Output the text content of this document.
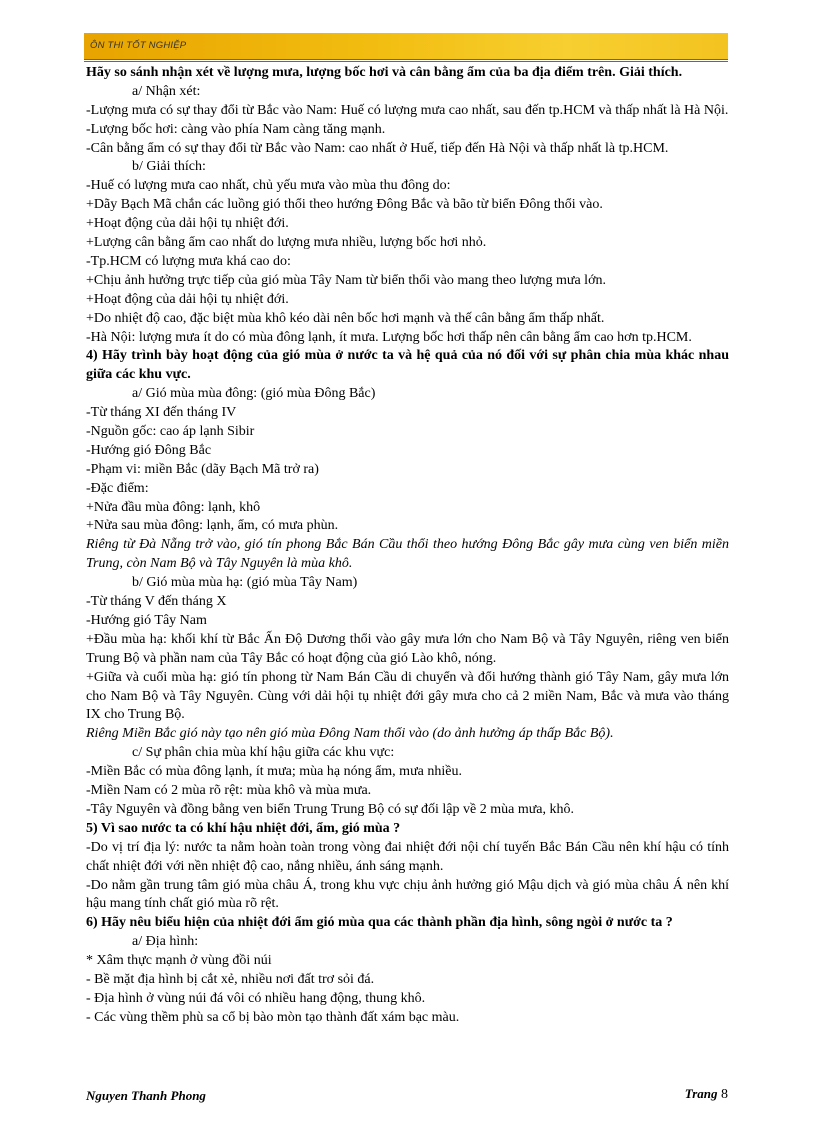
ÔN THI TỐT NGHIỆP
Hãy so sánh nhận xét về lượng mưa, lượng bốc hơi và cân bằng ẩm của ba địa điểm trên. Giải thích.
a/ Nhận xét:
-Lượng mưa có sự thay đổi từ Bắc vào Nam: Huế có lượng mưa cao nhất, sau đến tp.HCM và thấp nhất là Hà Nội.
-Lượng bốc hơi: càng vào phía Nam càng tăng mạnh.
-Cân bằng ẩm có sự thay đổi từ Bắc vào Nam: cao nhất ở Huế, tiếp đến Hà Nội và thấp nhất là tp.HCM.
b/ Giải thích:
-Huế có lượng mưa cao nhất, chủ yếu mưa vào mùa thu đông do:
+Dãy Bạch Mã chắn các luồng gió thổi theo hướng Đông Bắc và bão từ biển Đông thổi vào.
+Hoạt động của dải hội tụ nhiệt đới.
+Lượng cân bằng ẩm cao nhất do lượng mưa nhiều, lượng bốc hơi nhỏ.
-Tp.HCM có lượng mưa khá cao do:
+Chịu ảnh hưởng trực tiếp của gió mùa Tây Nam từ biển thổi vào mang theo lượng mưa lớn.
+Hoạt động của dải hội tụ nhiệt đới.
+Do nhiệt độ cao, đặc biệt mùa khô kéo dài nên bốc hơi mạnh và thế cân bằng ẩm thấp nhất.
-Hà Nội: lượng mưa ít do có mùa đông lạnh, ít mưa. Lượng bốc hơi thấp nên cân bằng ẩm cao hơn tp.HCM.
4) Hãy trình bày hoạt động của gió mùa ở nước ta và hệ quả của nó đối với sự phân chia mùa khác nhau giữa các khu vực.
a/ Gió mùa mùa đông: (gió mùa Đông Bắc)
-Từ tháng XI đến tháng IV
-Nguồn gốc: cao áp lạnh Sibir
-Hướng gió Đông Bắc
-Phạm vi: miền Bắc (dãy Bạch Mã trở ra)
-Đặc điểm:
+Nửa đầu mùa đông: lạnh, khô
+Nửa sau mùa đông: lạnh, ẩm, có mưa phùn.
Riêng từ Đà Nẵng trở vào, gió tín phong Bắc Bán Cầu thổi theo hướng Đông Bắc gây mưa cùng ven biển miền Trung, còn Nam Bộ và Tây Nguyên là mùa khô.
b/ Gió mùa mùa hạ: (gió mùa Tây Nam)
-Từ tháng V đến tháng X
-Hướng gió Tây Nam
+Đầu mùa hạ: khối khí từ Bắc Ấn Độ Dương thổi vào gây mưa lớn cho Nam Bộ và Tây Nguyên, riêng ven biển Trung Bộ và phần nam của Tây Bắc có hoạt động của gió Lào khô, nóng.
+Giữa và cuối mùa hạ: gió tín phong từ Nam Bán Cầu di chuyển và đổi hướng thành gió Tây Nam, gây mưa lớn cho Nam Bộ và Tây Nguyên. Cùng với dải hội tụ nhiệt đới gây mưa cho cả 2 miền Nam, Bắc và mưa vào tháng IX cho Trung Bộ.
Riêng Miền Bắc gió này tạo nên gió mùa Đông Nam thổi vào (do ảnh hưởng áp thấp Bắc Bộ).
c/ Sự phân chia mùa khí hậu giữa các khu vực:
-Miền Bắc có mùa đông lạnh, ít mưa; mùa hạ nóng ẩm, mưa nhiều.
-Miền Nam có 2 mùa rõ rệt: mùa khô và mùa mưa.
-Tây Nguyên và đồng bằng ven biển Trung Trung Bộ có sự đối lập về 2 mùa mưa, khô.
5) Vì sao nước ta có khí hậu nhiệt đới, ẩm, gió mùa ?
-Do vị trí địa lý: nước ta nằm hoàn toàn trong vòng đai nhiệt đới nội chí tuyến Bắc Bán Cầu nên khí hậu có tính chất nhiệt đới với nền nhiệt độ cao, nắng nhiều, ánh sáng mạnh.
-Do nằm gần trung tâm gió mùa châu Á, trong khu vực chịu ảnh hưởng gió Mậu dịch và gió mùa châu Á nên khí hậu mang tính chất gió mùa rõ rệt.
6) Hãy nêu biểu hiện của nhiệt đới ẩm gió mùa qua các thành phần địa hình, sông ngòi ở nước ta ?
a/ Địa hình:
* Xâm thực mạnh ở vùng đồi núi
- Bề mặt địa hình bị cắt xẻ, nhiều nơi đất trơ sỏi đá.
- Địa hình ở vùng núi đá vôi có nhiều hang động, thung khô.
- Các vùng thềm phù sa cổ bị bào mòn tạo thành đất xám bạc màu.
Nguyen Thanh Phong	Trang 8
